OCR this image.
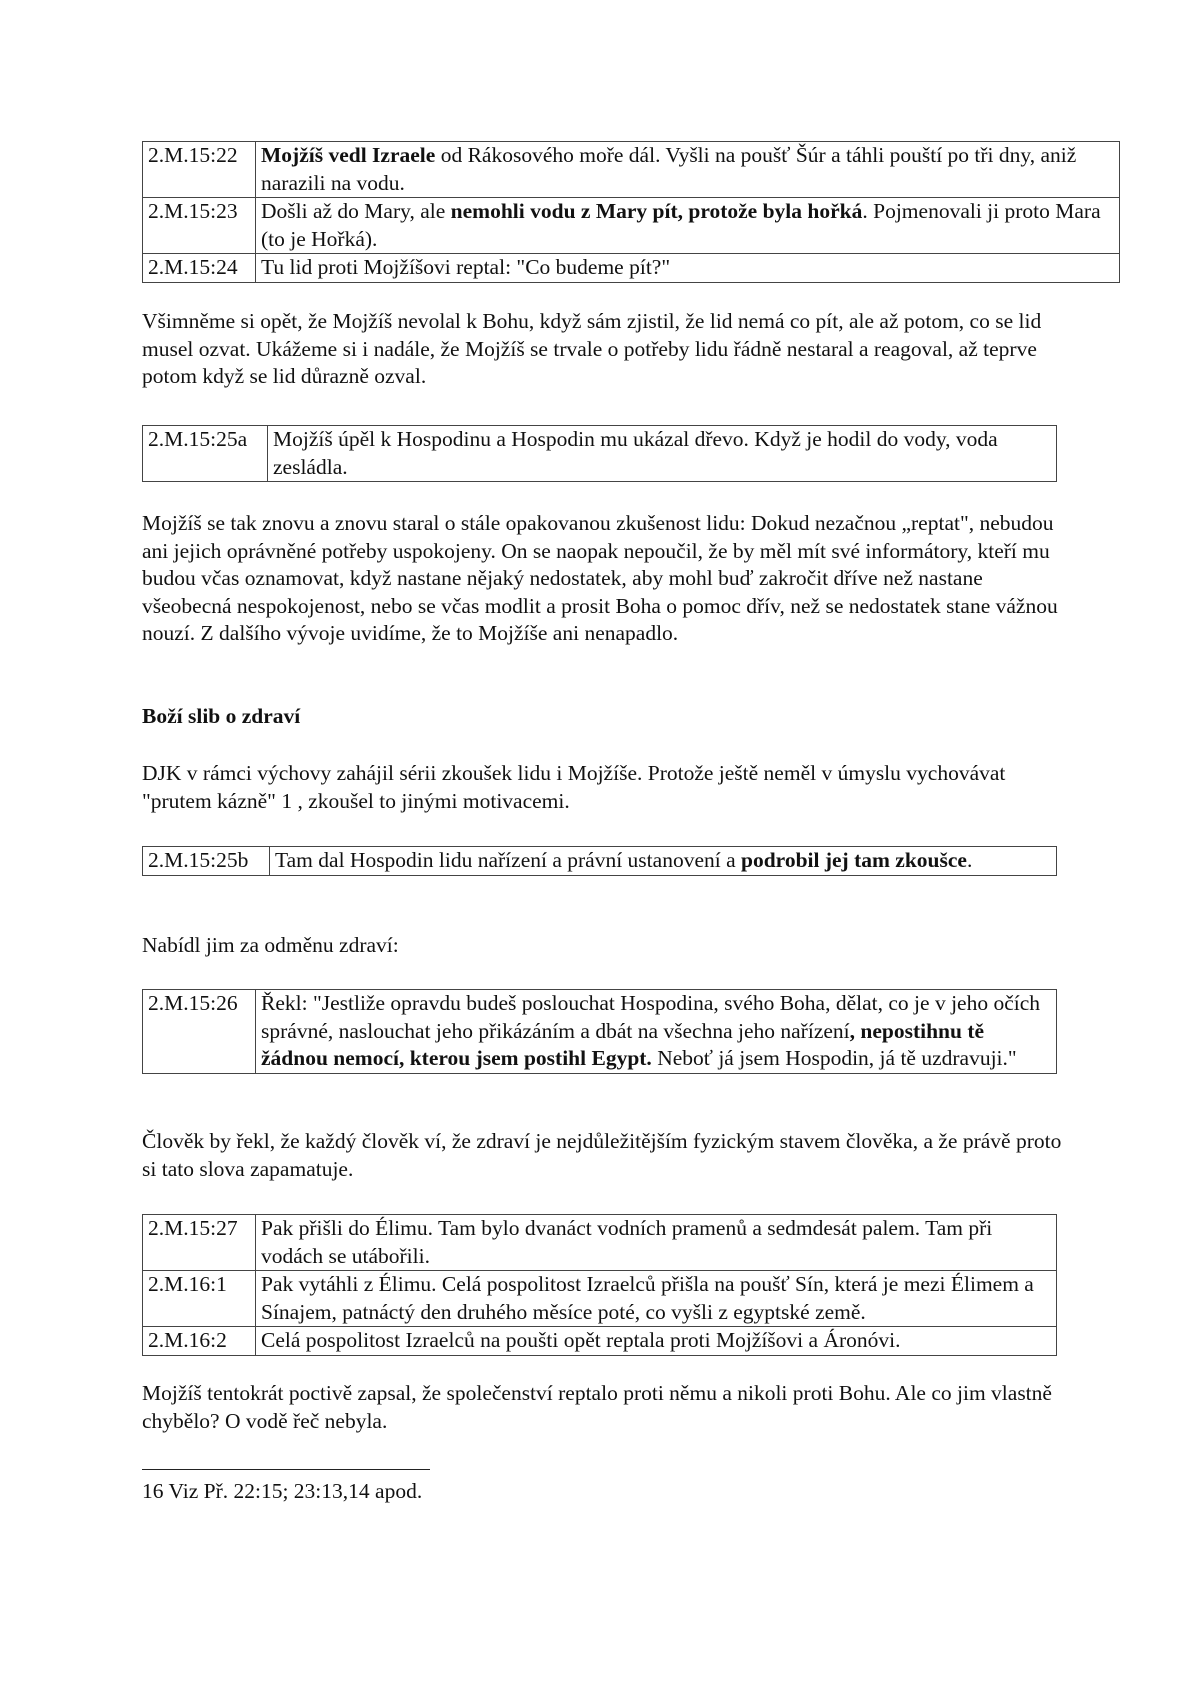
2.M.15:22	Mojžíš vedl Izraele od Rákosového moře dál. Vyšli na poušť Šúr a táhli pouští po tři dny, aniž narazili na vodu.
2.M.15:23	Došli až do Mary, ale nemohli vodu z Mary pít, protože byla hořká. Pojmenovali ji proto Mara (to je Hořká).
2.M.15:24	Tu lid proti Mojžíšovi reptal: "Co budeme pít?"

Všimněme si opět, že Mojžíš nevolal k Bohu, když sám zjistil, že lid nemá co pít, ale až potom, co se lid musel ozvat. Ukážeme si i nadále, že Mojžíš se trvale o potřeby lidu řádně nestaral a reagoval, až teprve potom když se lid důrazně ozval.

2.M.15:25a	Mojžíš úpěl k Hospodinu a Hospodin mu ukázal dřevo. Když je hodil do vody, voda zesládla.

Mojžíš se tak znovu a znovu staral o stále opakovanou zkušenost lidu: Dokud nezačnou „reptat", nebudou ani jejich oprávněné potřeby uspokojeny. On se naopak nepoučil, že by měl mít své informátory, kteří mu budou včas oznamovat, když nastane nějaký nedostatek, aby mohl buď zakročit dříve než nastane všeobecná nespokojenost, nebo se včas modlit a prosit Boha o pomoc dřív, než se nedostatek stane vážnou nouzí. Z dalšího vývoje uvidíme, že to Mojžíše ani nenapadlo.

Boží slib o zdraví

DJK v rámci výchovy zahájil sérii zkoušek lidu i Mojžíše. Protože ještě neměl v úmyslu vychovávat "prutem kázně" 1 , zkoušel to jinými motivacemi.

2.M.15:25b	Tam dal Hospodin lidu nařízení a právní ustanovení a podrobil jej tam zkoušce.

Nabídl jim za odměnu zdraví:

2.M.15:26	Řekl: "Jestliže opravdu budeš poslouchat Hospodina, svého Boha, dělat, co je v jeho očích správné, naslouchat jeho přikázáním a dbát na všechna jeho nařízení, nepostihnu tě žádnou nemocí, kterou jsem postihl Egypt. Neboť já jsem Hospodin, já tě uzdravuji."

Člověk by řekl, že každý člověk ví, že zdraví je nejdůležitějším fyzickým stavem člověka, a že právě proto si tato slova zapamatuje.

2.M.15:27	Pak přišli do Élimu. Tam bylo dvanáct vodních pramenů a sedmdesát palem. Tam při vodách se utábořili.
2.M.16:1	Pak vytáhli z Élimu. Celá pospolitost Izraelců přišla na poušť Sín, která je mezi Élimem a Sínajem, patnáctý den druhého měsíce poté, co vyšli z egyptské země.
2.M.16:2	Celá pospolitost Izraelců na poušti opět reptala proti Mojžíšovi a Áronóvi.

Mojžíš tentokrát poctivě zapsal, že společenství reptalo proti němu a nikoli proti Bohu. Ale co jim vlastně chybělo? O vodě řeč nebyla.

16 Viz Př. 22:15; 23:13,14 apod.
